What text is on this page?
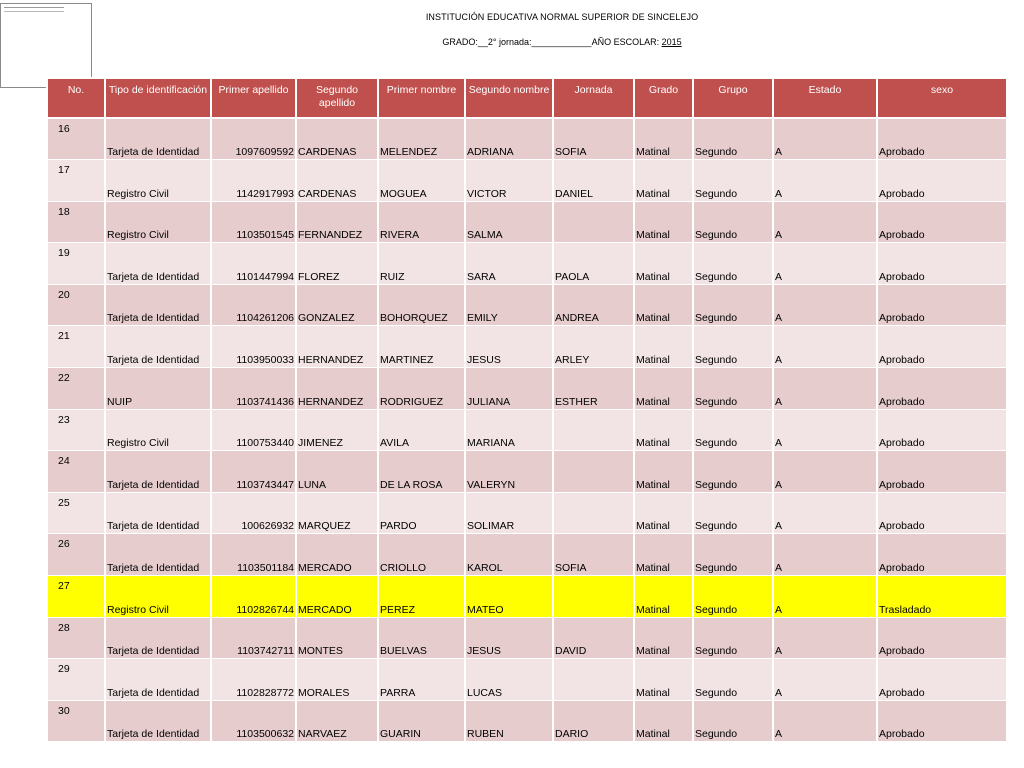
INSTITUCIÓN EDUCATIVA NORMAL SUPERIOR DE SINCELEJO
GRADO:__2° jornada:____________AÑO ESCOLAR: 2015
No.	Tipo de identificación	Primer apellido	Segundo apellido	Primer nombre	Segundo nombre	Jornada	Grado	Grupo	Estado	sexo
16	Tarjeta de Identidad	1097609592	CARDENAS	MELENDEZ	ADRIANA	SOFIA	Matinal	Segundo	A	Aprobado
17	Registro Civil	1142917993	CARDENAS	MOGUEA	VICTOR	DANIEL	Matinal	Segundo	A	Aprobado
18	Registro Civil	1103501545	FERNANDEZ	RIVERA	SALMA		Matinal	Segundo	A	Aprobado
19	Tarjeta de Identidad	1101447994	FLOREZ	RUIZ	SARA	PAOLA	Matinal	Segundo	A	Aprobado
20	Tarjeta de Identidad	1104261206	GONZALEZ	BOHORQUEZ	EMILY	ANDREA	Matinal	Segundo	A	Aprobado
21	Tarjeta de Identidad	1103950033	HERNANDEZ	MARTINEZ	JESUS	ARLEY	Matinal	Segundo	A	Aprobado
22	NUIP	1103741436	HERNANDEZ	RODRIGUEZ	JULIANA	ESTHER	Matinal	Segundo	A	Aprobado
23	Registro Civil	1100753440	JIMENEZ	AVILA	MARIANA		Matinal	Segundo	A	Aprobado
24	Tarjeta de Identidad	1103743447	LUNA	DE LA ROSA	VALERYN		Matinal	Segundo	A	Aprobado
25	Tarjeta de Identidad	100626932	MARQUEZ	PARDO	SOLIMAR		Matinal	Segundo	A	Aprobado
26	Tarjeta de Identidad	1103501184	MERCADO	CRIOLLO	KAROL	SOFIA	Matinal	Segundo	A	Aprobado
27	Registro Civil	1102826744	MERCADO	PEREZ	MATEO		Matinal	Segundo	A	Trasladado
28	Tarjeta de Identidad	1103742711	MONTES	BUELVAS	JESUS	DAVID	Matinal	Segundo	A	Aprobado
29	Tarjeta de Identidad	1102828772	MORALES	PARRA	LUCAS		Matinal	Segundo	A	Aprobado
30	Tarjeta de Identidad	1103500632	NARVAEZ	GUARIN	RUBEN	DARIO	Matinal	Segundo	A	Aprobado
